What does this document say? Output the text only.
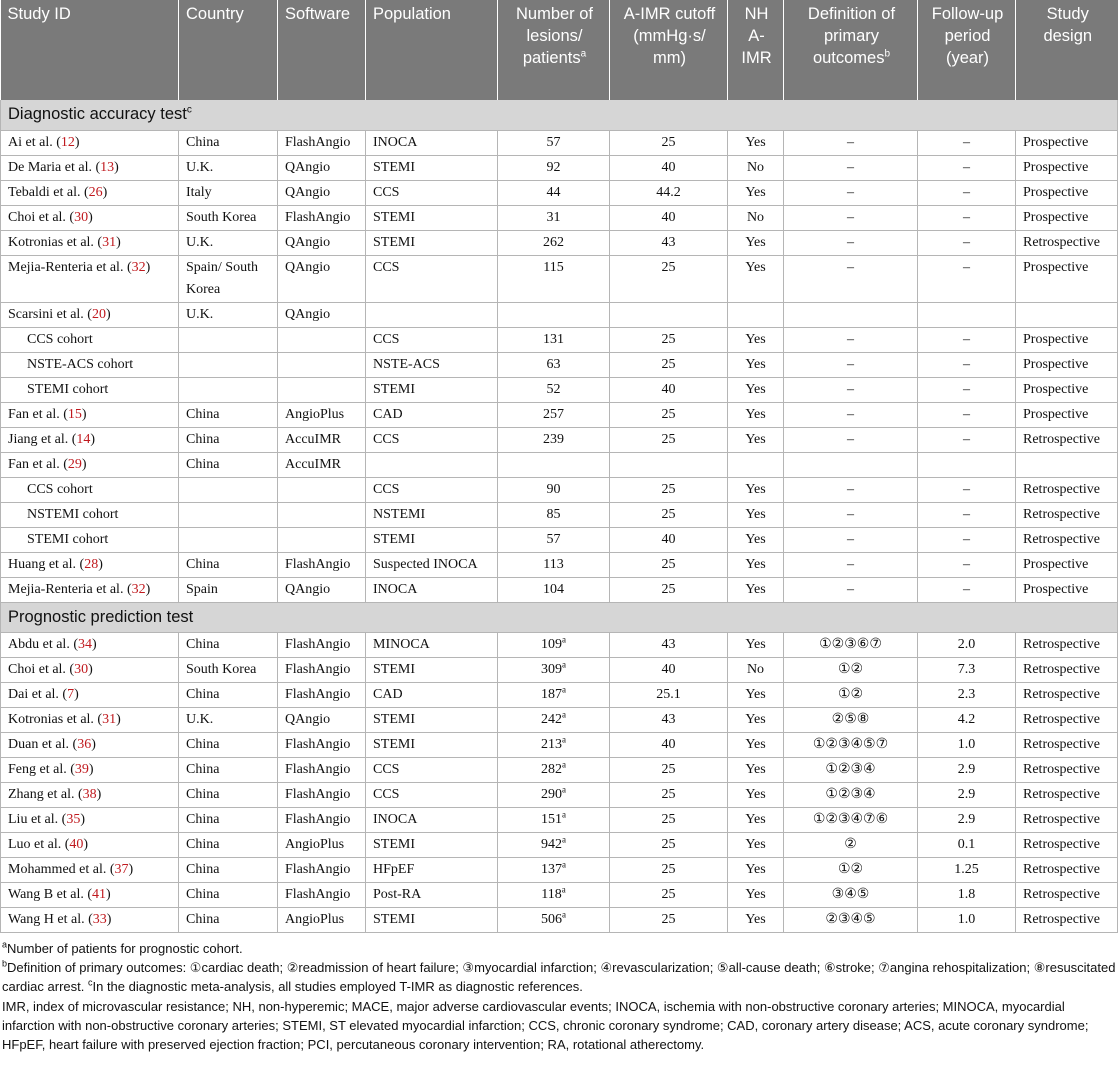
Study ID	Country	Software	Population	Number of lesions/ patients$^a$	A-IMR cutoff (mmHg·s/ mm)	NH A-IMR	Definition of primary outcomes$^b$	Follow-up period (year)	Study design
Diagnostic accuracy test$^c$
Ai et al. (12)	China	FlashAngio	INOCA	57	25	Yes	–	–	Prospective
De Maria et al. (13)	U.K.	QAngio	STEMI	92	40	No	–	–	Prospective
Tebaldi et al. (26)	Italy	QAngio	CCS	44	44.2	Yes	–	–	Prospective
Choi et al. (30)	South Korea	FlashAngio	STEMI	31	40	No	–	–	Prospective
Kotronias et al. (31)	U.K.	QAngio	STEMI	262	43	Yes	–	–	Retrospective
Mejia-Renteria et al. (32)	Spain/ South Korea	QAngio	CCS	115	25	Yes	–	–	Prospective
Scarsini et al. (20)	U.K.	QAngio							
CCS cohort			CCS	131	25	Yes	–	–	Prospective
NSTE-ACS cohort			NSTE-ACS	63	25	Yes	–	–	Prospective
STEMI cohort			STEMI	52	40	Yes	–	–	Prospective
Fan et al. (15)	China	AngioPlus	CAD	257	25	Yes	–	–	Prospective
Jiang et al. (14)	China	AccuIMR	CCS	239	25	Yes	–	–	Retrospective
Fan et al. (29)	China	AccuIMR							
CCS cohort			CCS	90	25	Yes	–	–	Retrospective
NSTEMI cohort			NSTEMI	85	25	Yes	–	–	Retrospective
STEMI cohort			STEMI	57	40	Yes	–	–	Retrospective
Huang et al. (28)	China	FlashAngio	Suspected INOCA	113	25	Yes	–	–	Prospective
Mejia-Renteria et al. (32)	Spain	QAngio	INOCA	104	25	Yes	–	–	Prospective
Prognostic prediction test									
Abdu et al. (34)	China	FlashAngio	MINOCA	109$^a$	43	Yes	①②③⑥⑦	2.0	Retrospective
Choi et al. (30)	South Korea	FlashAngio	STEMI	309$^a$	40	No	①②	7.3	Retrospective
Dai et al. (7)	China	FlashAngio	CAD	187$^a$	25.1	Yes	①②	2.3	Retrospective
Kotronias et al. (31)	U.K.	QAngio	STEMI	242$^a$	43	Yes	②⑤⑧	4.2	Retrospective
Duan et al. (36)	China	FlashAngio	STEMI	213$^a$	40	Yes	①②③④⑤⑦	1.0	Retrospective
Feng et al. (39)	China	FlashAngio	CCS	282$^a$	25	Yes	①②③④	2.9	Retrospective
Zhang et al. (38)	China	FlashAngio	CCS	290$^a$	25	Yes	①②③④	2.9	Retrospective
Liu et al. (35)	China	FlashAngio	INOCA	151$^a$	25	Yes	①②③④⑦⑥	2.9	Retrospective
Luo et al. (40)	China	AngioPlus	STEMI	942$^a$	25	Yes	②	0.1	Retrospective
Mohammed et al. (37)	China	FlashAngio	HFpEF	137$^a$	25	Yes	①②	1.25	Retrospective
Wang B et al. (41)	China	FlashAngio	Post-RA	118$^a$	25	Yes	③④⑤	1.8	Retrospective
Wang H et al. (33)	China	AngioPlus	STEMI	506$^a$	25	Yes	②③④⑤	1.0	Retrospective

$^a$Number of patients for prognostic cohort.

$^b$Definition of primary outcomes: ①cardiac death; ②readmission of heart failure; ③myocardial infarction; ④revascularization; ⑤all-cause death; ⑥stroke; ⑦angina rehospitalization; ⑧resuscitated cardiac arrest. $^c$In the diagnostic meta-analysis, all studies employed T-IMR as diagnostic references.

IMR, index of microvascular resistance; NH, non-hyperemic; MACE, major adverse cardiovascular events; INOCA, ischemia with non-obstructive coronary arteries; MINOCA, myocardial infarction with non-obstructive coronary arteries; STEMI, ST elevated myocardial infarction; CCS, chronic coronary syndrome; CAD, coronary artery disease; ACS, acute coronary syndrome; HFpEF, heart failure with preserved ejection fraction; PCI, percutaneous coronary intervention; RA, rotational atherectomy.
